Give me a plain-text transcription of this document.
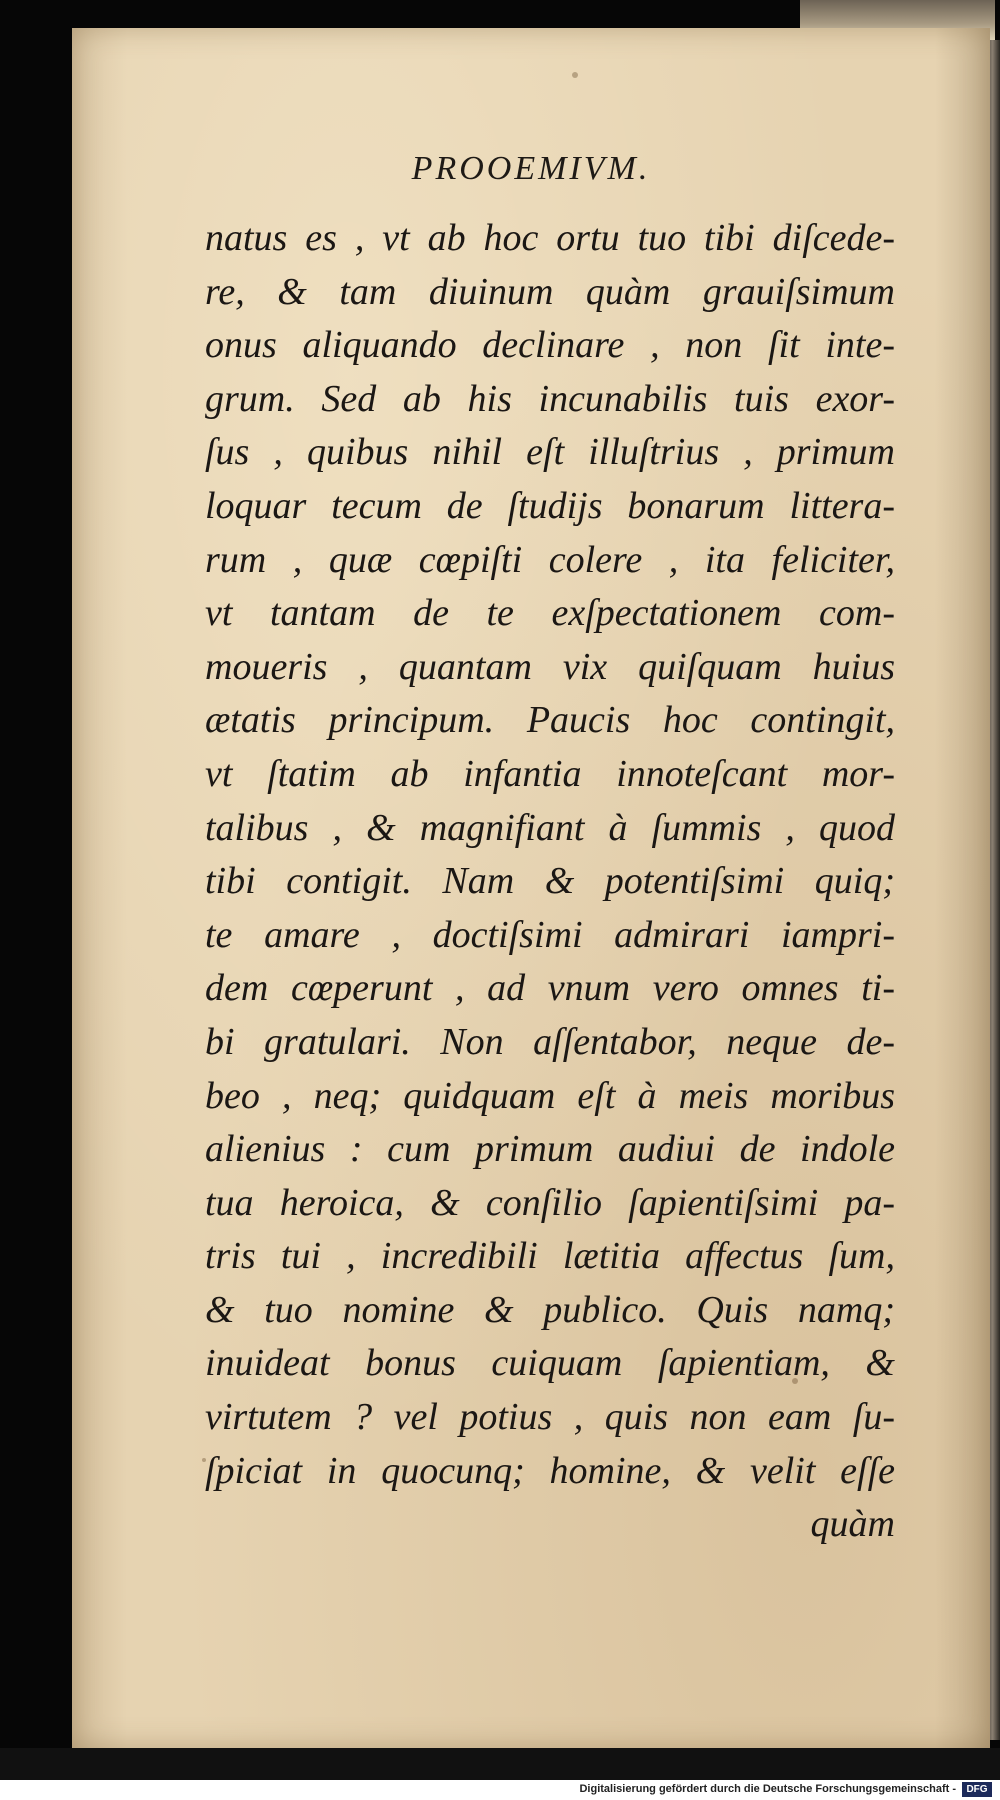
PROOEMIVM.
natus es , vt ab hoc ortu tuo tibi diſcede-
re, & tam diuinum quàm grauiſsimum
onus aliquando declinare , non ſit inte-
grum. Sed ab his incunabilis tuis exor-
ſus , quibus nihil eſt illuſtrius , primum
loquar tecum de ſtudijs bonarum littera-
rum , quæ cœpiſti colere , ita feliciter,
vt tantam de te exſpectationem com-
moueris , quantam vix quiſquam huius
ætatis principum. Paucis hoc contingit,
vt ſtatim ab infantia innoteſcant mor-
talibus , & magnifiant à ſummis , quod
tibi contigit. Nam & potentiſsimi quiq;
te amare , doctiſsimi admirari iampri-
dem cœperunt , ad vnum vero omnes ti-
bi gratulari. Non aſſentabor, neque de-
beo , neq; quidquam eſt à meis moribus
alienius : cum primum audiui de indole
tua heroica, & conſilio ſapientiſsimi pa-
tris tui , incredibili lætitia affectus ſum,
& tuo nomine & publico. Quis namq;
inuideat bonus cuiquam ſapientiam, &
virtutem ? vel potius , quis non eam ſu-
ſpiciat in quocunq; homine, & velit eſſe
quàm
Digitalisierung gefördert durch die Deutsche Forschungsgemeinschaft -	DFG
